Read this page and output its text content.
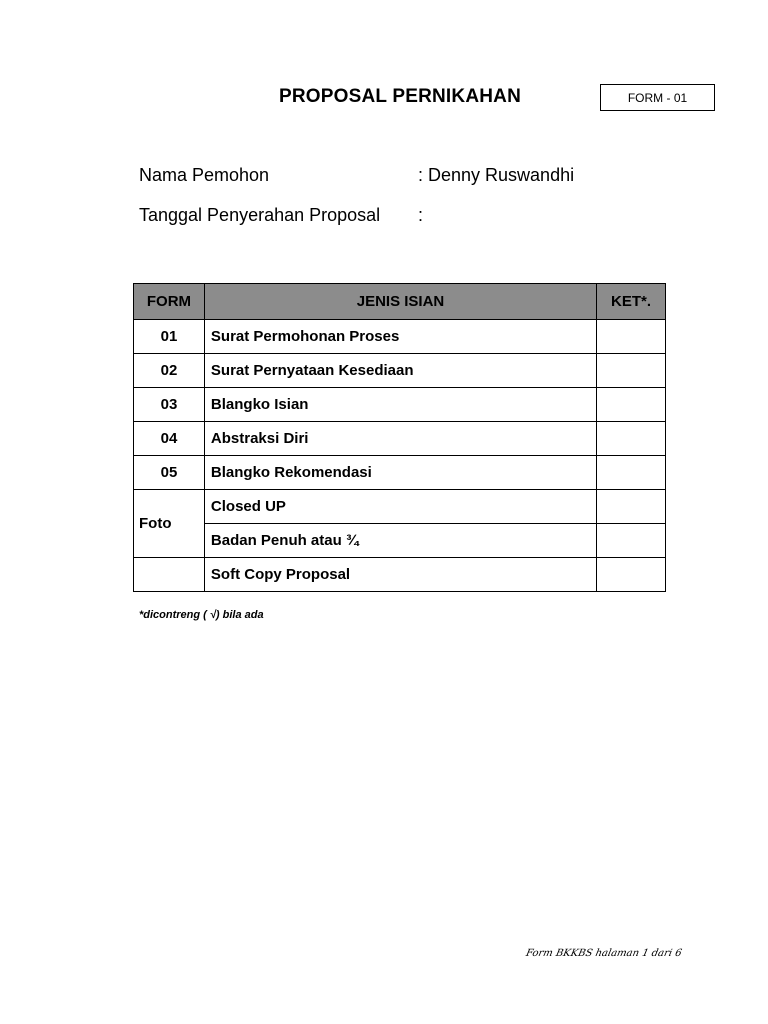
PROPOSAL PERNIKAHAN	FORM - 01
Nama Pemohon	: Denny Ruswandhi
Tanggal Penyerahan Proposal :
FORM	JENIS ISIAN	KET*.
01	Surat Permohonan Proses	
02	Surat Pernyataan Kesediaan	
03	Blangko Isian	
04	Abstraksi Diri	
05	Blangko Rekomendasi	
Foto	Closed UP	
	Badan Penuh atau ¾	
	Soft Copy Proposal	
*dicontreng ( √) bila ada
Form BKKBS halaman 1 dari 6
